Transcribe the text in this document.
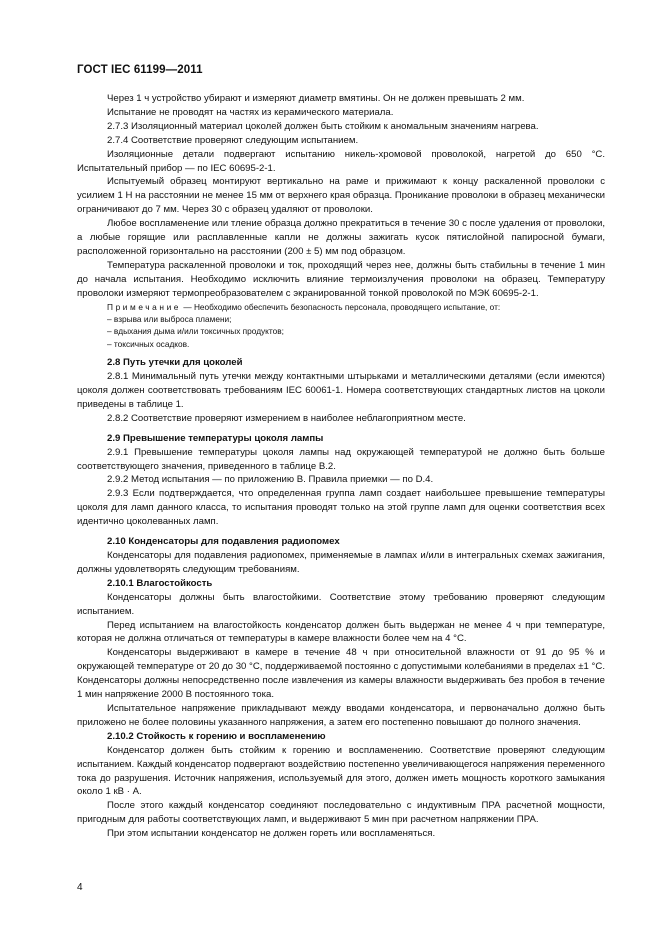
ГОСТ IEC 61199—2011

Через 1 ч устройство убирают и измеряют диаметр вмятины. Он не должен превышать 2 мм.

Испытание не проводят на частях из керамического материала.

2.7.3 Изоляционный материал цоколей должен быть стойким к аномальным значениям нагрева.

2.7.4 Соответствие проверяют следующим испытанием.

Изоляционные детали подвергают испытанию никель-хромовой проволокой, нагретой до 650 °С. Испытательный прибор — по IEC 60695-2-1.

Испытуемый образец монтируют вертикально на раме и прижимают к концу раскаленной проволоки с усилием 1 Н на расстоянии не менее 15 мм от верхнего края образца. Проникание проволоки в образец механически ограничивают до 7 мм. Через 30 с образец удаляют от проволоки.

Любое воспламенение или тление образца должно прекратиться в течение 30 с после удаления от проволоки, а любые горящие или расплавленные капли не должны зажигать кусок пятислойной папиросной бумаги, расположенной горизонтально на расстоянии (200 ± 5) мм под образцом.

Температура раскаленной проволоки и ток, проходящий через нее, должны быть стабильны в течение 1 мин до начала испытания. Необходимо исключить влияние термоизлучения проволоки на образец. Температуру проволоки измеряют термопреобразователем с экранированной тонкой проволокой по МЭК 60695-2-1.

Примечание — Необходимо обеспечить безопасность персонала, проводящего испытание, от:

– взрыва или выброса пламени;

– вдыхания дыма и/или токсичных продуктов;

– токсичных осадков.

2.8 Путь утечки для цоколей

2.8.1 Минимальный путь утечки между контактными штырьками и металлическими деталями (если имеются) цоколя должен соответствовать требованиям IEC 60061-1. Номера соответствующих стандартных листов на цоколи приведены в таблице 1.

2.8.2 Соответствие проверяют измерением в наиболее неблагоприятном месте.

2.9 Превышение температуры цоколя лампы

2.9.1 Превышение температуры цоколя лампы над окружающей температурой не должно быть больше соответствующего значения, приведенного в таблице В.2.

2.9.2 Метод испытания — по приложению В. Правила приемки — по D.4.

2.9.3 Если подтверждается, что определенная группа ламп создает наибольшее превышение температуры цоколя для ламп данного класса, то испытания проводят только на этой группе ламп для оценки соответствия всех идентично цоколеванных ламп.

2.10 Конденсаторы для подавления радиопомех

Конденсаторы для подавления радиопомех, применяемые в лампах и/или в интегральных схемах зажигания, должны удовлетворять следующим требованиям.

2.10.1 Влагостойкость

Конденсаторы должны быть влагостойкими. Соответствие этому требованию проверяют следующим испытанием.

Перед испытанием на влагостойкость конденсатор должен быть выдержан не менее 4 ч при температуре, которая не должна отличаться от температуры в камере влажности более чем на 4 °С.

Конденсаторы выдерживают в камере в течение 48 ч при относительной влажности от 91 до 95 % и окружающей температуре от 20 до 30 °С, поддерживаемой постоянно с допустимыми колебаниями в пределах ±1 °С. Конденсаторы должны непосредственно после извлечения из камеры влажности выдерживать без пробоя в течение 1 мин напряжение 2000 В постоянного тока.

Испытательное напряжение прикладывают между вводами конденсатора, и первоначально должно быть приложено не более половины указанного напряжения, а затем его постепенно повышают до полного значения.

2.10.2 Стойкость к горению и воспламенению

Конденсатор должен быть стойким к горению и воспламенению. Соответствие проверяют следующим испытанием. Каждый конденсатор подвергают воздействию постепенно увеличивающегося напряжения переменного тока до разрушения. Источник напряжения, используемый для этого, должен иметь мощность короткого замыкания около 1 кВ · А.

После этого каждый конденсатор соединяют последовательно с индуктивным ПРА расчетной мощности, пригодным для работы соответствующих ламп, и выдерживают 5 мин при расчетном напряжении ПРА.

При этом испытании конденсатор не должен гореть или воспламеняться.

4
